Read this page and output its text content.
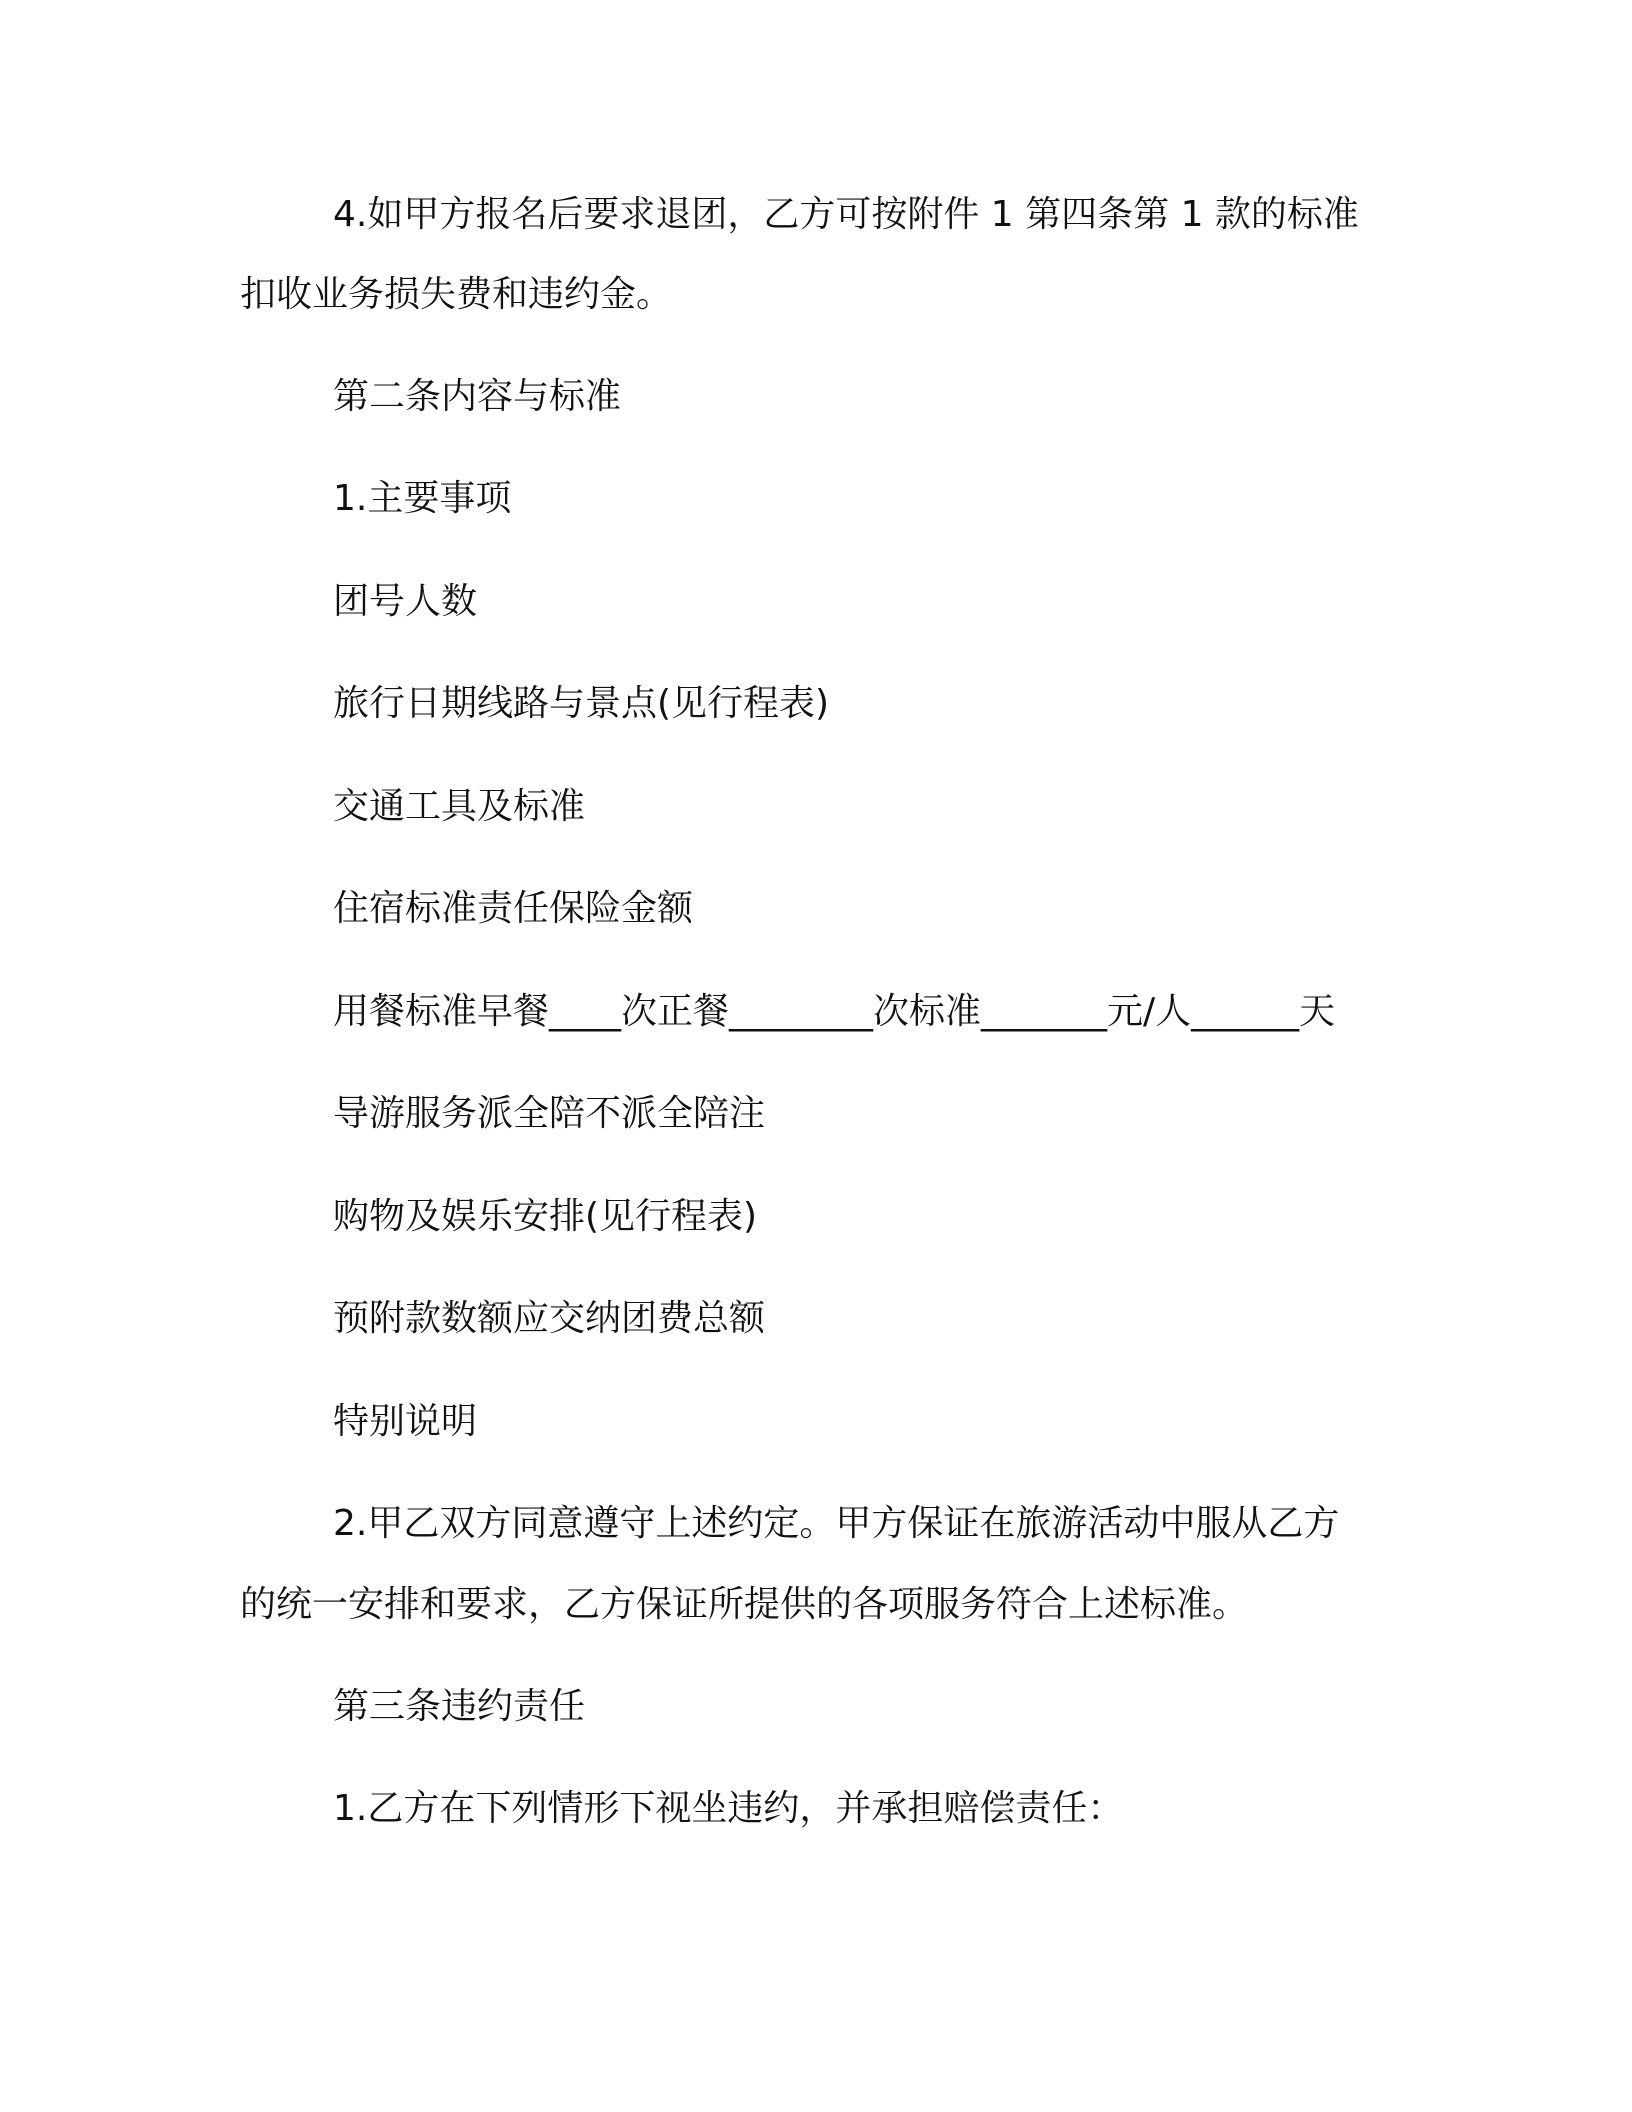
4.如甲方报名后要求退团，乙方可按附件 1 第四条第 1 款的标准
扣收业务损失费和违约金。
第二条内容与标准
1.主要事项
团号人数
旅行日期线路与景点(见行程表)
交通工具及标准
住宿标准责任保险金额
用餐标准早餐____次正餐________次标准_______元/人______天
导游服务派全陪不派全陪注
购物及娱乐安排(见行程表)
预附款数额应交纳团费总额
特别说明
2.甲乙双方同意遵守上述约定。甲方保证在旅游活动中服从乙方
的统一安排和要求，乙方保证所提供的各项服务符合上述标准。
第三条违约责任
1.乙方在下列情形下视坐违约，并承担赔偿责任：
